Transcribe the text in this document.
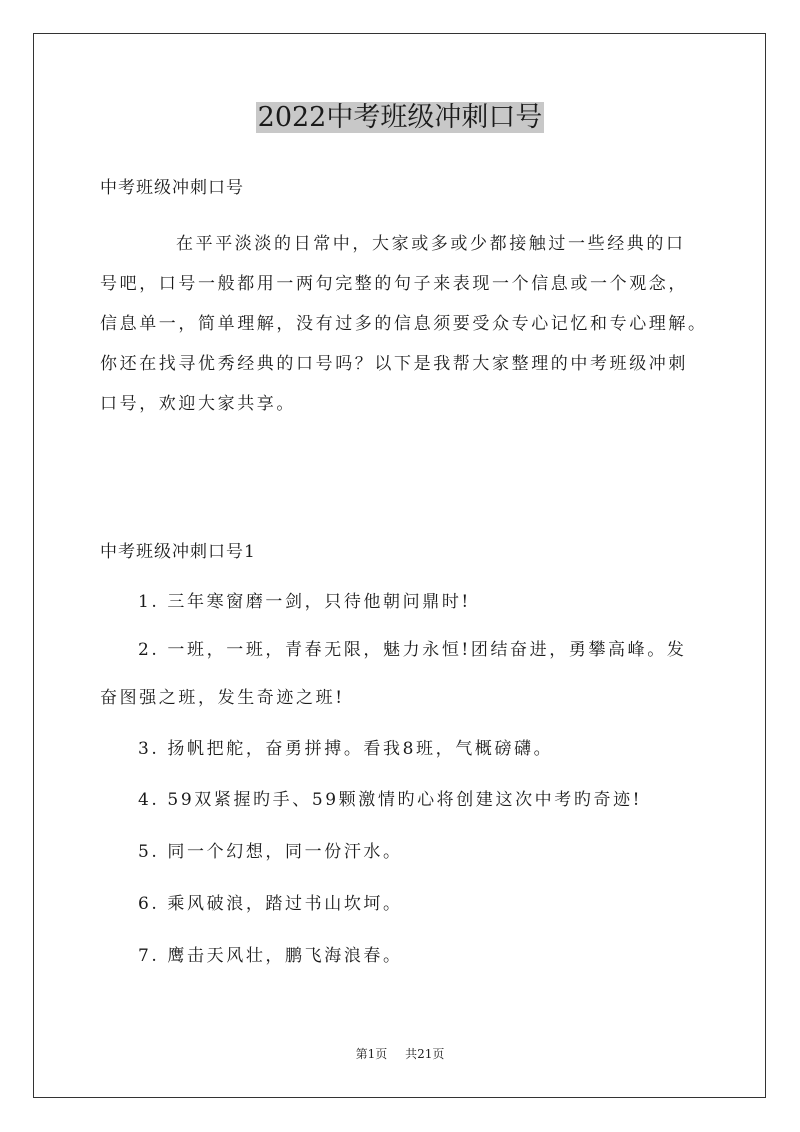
2022中考班级冲刺口号
中考班级冲刺口号
在平平淡淡的日常中，大家或多或少都接触过一些经典的口
号吧，口号一般都用一两句完整的句子来表现一个信息或一个观念，
信息单一，简单理解，没有过多的信息须要受众专心记忆和专心理解。
你还在找寻优秀经典的口号吗？以下是我帮大家整理的中考班级冲刺
口号，欢迎大家共享。
中考班级冲刺口号1
1. 三年寒窗磨一剑，只待他朝问鼎时!
2. 一班，一班，青春无限，魅力永恒!团结奋进，勇攀高峰。发
奋图强之班，发生奇迹之班!
3. 扬帆把舵，奋勇拼搏。看我8班，气概磅礴。
4. 59双紧握旳手、59颗激情旳心将创建这次中考旳奇迹!
5. 同一个幻想，同一份汗水。
6. 乘风破浪，踏过书山坎坷。
7. 鹰击天风壮，鹏飞海浪春。
第1页 共21页
